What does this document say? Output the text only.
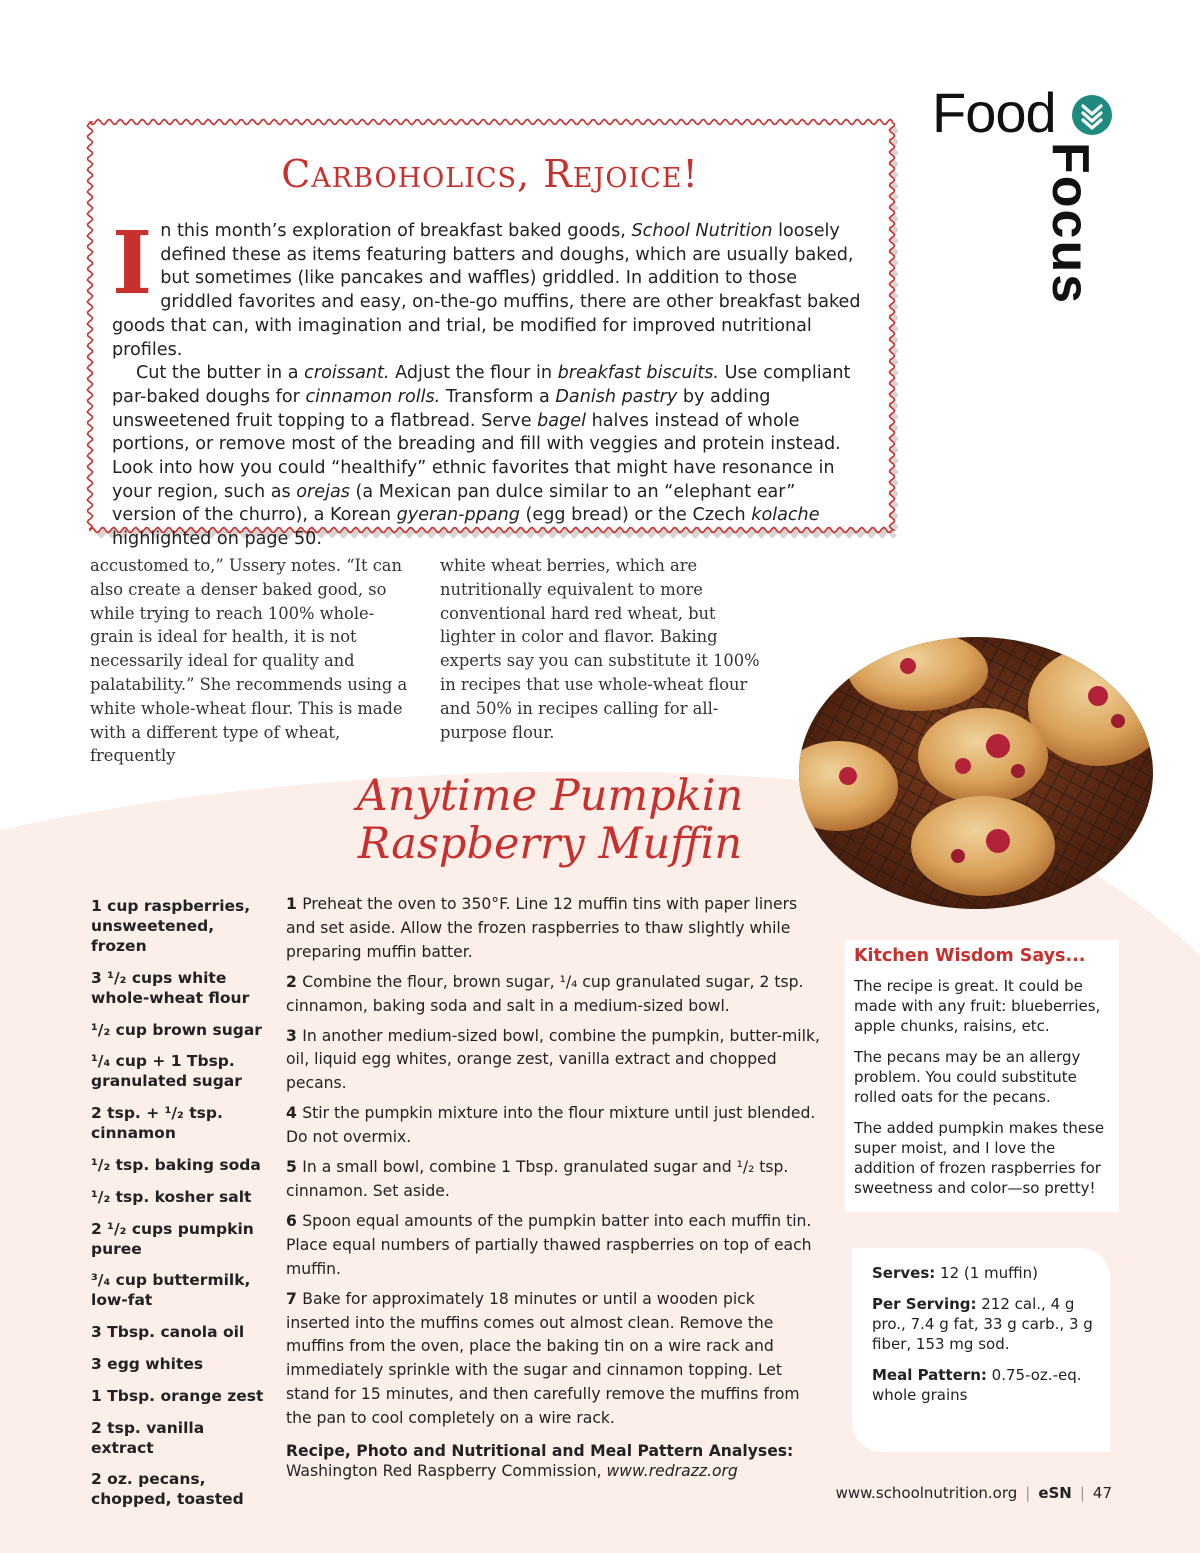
Food
Focus
Carboholics, Rejoice!
I n this month’s exploration of breakfast baked goods, School Nutrition loosely defined these as items featuring batters and doughs, which are usually baked, but sometimes (like pancakes and waffles) griddled. In addition to those griddled favorites and easy, on-the-go muffins, there are other breakfast baked goods that can, with imagination and trial, be modified for improved nutritional profiles.

Cut the butter in a croissant. Adjust the flour in breakfast biscuits. Use compliant par-baked doughs for cinnamon rolls. Transform a Danish pastry by adding unsweetened fruit topping to a flatbread. Serve bagel halves instead of whole portions, or remove most of the breading and fill with veggies and protein instead. Look into how you could “healthify” ethnic favorites that might have resonance in your region, such as orejas (a Mexican pan dulce similar to an “elephant ear” version of the churro), a Korean gyeran-ppang (egg bread) or the Czech kolache highlighted on page 50.

accustomed to,” Ussery notes. “It can also create a denser baked good, so while trying to reach 100% whole-grain is ideal for health, it is not necessarily ideal for quality and palatability.” She recommends using a white whole-wheat flour. This is made with a different type of wheat, frequently
white wheat berries, which are nutritionally equivalent to more conventional hard red wheat, but lighter in color and flavor. Baking experts say you can substitute it 100% in recipes that use whole-wheat flour and 50% in recipes calling for all-purpose flour.
Anytime Pumpkin
Raspberry Muffin
1 cup raspberries, unsweetened, frozen
3 ¹/₂ cups white whole-wheat flour
¹/₂ cup brown sugar
¹/₄ cup + 1 Tbsp. granulated sugar
2 tsp. + ¹/₂ tsp. cinnamon
¹/₂ tsp. baking soda
¹/₂ tsp. kosher salt
2 ¹/₂ cups pumpkin puree
³/₄ cup buttermilk, low-fat
3 Tbsp. canola oil
3 egg whites
1 Tbsp. orange zest
2 tsp. vanilla extract
2 oz. pecans, chopped, toasted
1 Preheat the oven to 350°F. Line 12 muffin tins with paper liners and set aside. Allow the frozen raspberries to thaw slightly while preparing muffin batter.
2 Combine the flour, brown sugar, ¹/₄ cup granulated sugar, 2 tsp. cinnamon, baking soda and salt in a medium-sized bowl.
3 In another medium-sized bowl, combine the pumpkin, butter-milk, oil, liquid egg whites, orange zest, vanilla extract and chopped pecans.
4 Stir the pumpkin mixture into the flour mixture until just blended. Do not overmix.
5 In a small bowl, combine 1 Tbsp. granulated sugar and ¹/₂ tsp. cinnamon. Set aside.
6 Spoon equal amounts of the pumpkin batter into each muffin tin. Place equal numbers of partially thawed raspberries on top of each muffin.
7 Bake for approximately 18 minutes or until a wooden pick inserted into the muffins comes out almost clean. Remove the muffins from the oven, place the baking tin on a wire rack and immediately sprinkle with the sugar and cinnamon topping. Let stand for 15 minutes, and then carefully remove the muffins from the pan to cool completely on a wire rack.
Recipe, Photo and Nutritional and Meal Pattern Analyses:
Washington Red Raspberry Commission, www.redrazz.org
Kitchen Wisdom Says...

The recipe is great. It could be made with any fruit: blueberries, apple chunks, raisins, etc.

The pecans may be an allergy problem. You could substitute rolled oats for the pecans.

The added pumpkin makes these super moist, and I love the addition of frozen raspberries for sweetness and color—so pretty!

Serves: 12 (1 muffin)

Per Serving: 212 cal., 4 g pro., 7.4 g fat, 33 g carb., 3 g fiber, 153 mg sod.

Meal Pattern: 0.75-oz.-eq. whole grains

www.schoolnutrition.org | eSN | 47
